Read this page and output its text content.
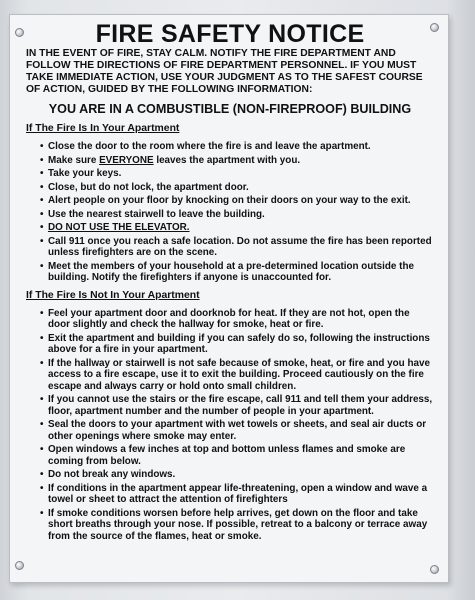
FIRE SAFETY NOTICE

IN THE EVENT OF FIRE, STAY CALM. NOTIFY THE FIRE DEPARTMENT AND FOLLOW THE DIRECTIONS OF FIRE DEPARTMENT PERSONNEL. IF YOU MUST TAKE IMMEDIATE ACTION, USE YOUR JUDGMENT AS TO THE SAFEST COURSE OF ACTION, GUIDED BY THE FOLLOWING INFORMATION:

YOU ARE IN A COMBUSTIBLE (NON-FIREPROOF) BUILDING

If The Fire Is In Your Apartment
• Close the door to the room where the fire is and leave the apartment.
• Make sure EVERYONE leaves the apartment with you.
• Take your keys.
• Close, but do not lock, the apartment door.
• Alert people on your floor by knocking on their doors on your way to the exit.
• Use the nearest stairwell to leave the building.
• DO NOT USE THE ELEVATOR.
• Call 911 once you reach a safe location. Do not assume the fire has been reported unless firefighters are on the scene.
• Meet the members of your household at a pre-determined location outside the building. Notify the firefighters if anyone is unaccounted for.
If The Fire Is Not In Your Apartment
• Feel your apartment door and doorknob for heat. If they are not hot, open the door slightly and check the hallway for smoke, heat or fire.
• Exit the apartment and building if you can safely do so, following the instructions above for a fire in your apartment.
• If the hallway or stairwell is not safe because of smoke, heat, or fire and you have access to a fire escape, use it to exit the building. Proceed cautiously on the fire escape and always carry or hold onto small children.
• If you cannot use the stairs or the fire escape, call 911 and tell them your address, floor, apartment number and the number of people in your apartment.
• Seal the doors to your apartment with wet towels or sheets, and seal air ducts or other openings where smoke may enter.
• Open windows a few inches at top and bottom unless flames and smoke are coming from below.
• Do not break any windows.
• If conditions in the apartment appear life-threatening, open a window and wave a towel or sheet to attract the attention of firefighters
• If smoke conditions worsen before help arrives, get down on the floor and take short breaths through your nose. If possible, retreat to a balcony or terrace away from the source of the flames, heat or smoke.
